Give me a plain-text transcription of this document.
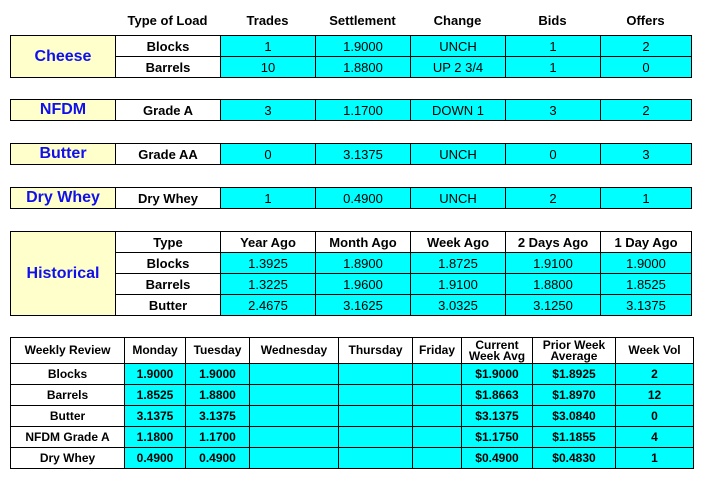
Type of Load	Trades	Settlement	Change	Bids	Offers
Cheese	Blocks	1	1.9000	UNCH	1	2
	Barrels	10	1.8800	UP 2 3/4	1	0
NFDM	Grade A	3	1.1700	DOWN 1	3	2
Butter	Grade AA	0	3.1375	UNCH	0	3
Dry Whey	Dry Whey	1	0.4900	UNCH	2	1
Historical	Type	Year Ago	Month Ago	Week Ago	2 Days Ago	1 Day Ago
	Blocks	1.3925	1.8900	1.8725	1.9100	1.9000
	Barrels	1.3225	1.9600	1.9100	1.8800	1.8525
	Butter	2.4675	3.1625	3.0325	3.1250	3.1375
Weekly Review	Monday	Tuesday	Wednesday	Thursday	Friday	Current Week Avg	Prior Week Average	Week Vol
Blocks	1.9000	1.9000				$1.9000	$1.8925	2
Barrels	1.8525	1.8800				$1.8663	$1.8970	12
Butter	3.1375	3.1375				$3.1375	$3.0840	0
NFDM Grade A	1.1800	1.1700				$1.1750	$1.1855	4
Dry Whey	0.4900	0.4900				$0.4900	$0.4830	1
